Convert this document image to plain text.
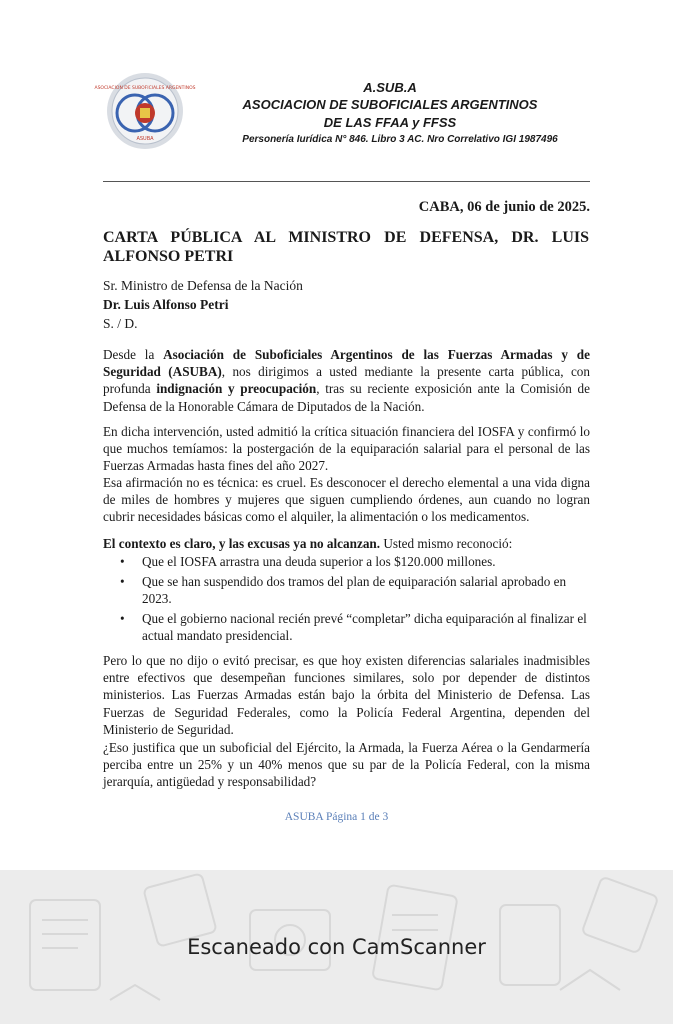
ASOCIACION DE SUBOFICIALES ARGENTINOS
ASUBA
A.SUB.A
ASOCIACION DE SUBOFICIALES ARGENTINOS
DE LAS FFAA y FFSS
Personería Iurídica N° 846. Libro 3 AC. Nro Correlativo IGI 1987496
CABA, 06 de junio de 2025.
CARTA PÚBLICA AL MINISTRO DE DEFENSA, DR. LUIS ALFONSO PETRI
Sr. Ministro de Defensa de la Nación
Dr. Luis Alfonso Petri
S. / D.
Desde la Asociación de Suboficiales Argentinos de las Fuerzas Armadas y de Seguridad (ASUBA), nos dirigimos a usted mediante la presente carta pública, con profunda indignación y preocupación, tras su reciente exposición ante la Comisión de Defensa de la Honorable Cámara de Diputados de la Nación.
En dicha intervención, usted admitió la crítica situación financiera del IOSFA y confirmó lo que muchos temíamos: la postergación de la equiparación salarial para el personal de las Fuerzas Armadas hasta fines del año 2027.
Esa afirmación no es técnica: es cruel. Es desconocer el derecho elemental a una vida digna de miles de hombres y mujeres que siguen cumpliendo órdenes, aun cuando no logran cubrir necesidades básicas como el alquiler, la alimentación o los medicamentos.
El contexto es claro, y las excusas ya no alcanzan. Usted mismo reconoció:
• Que el IOSFA arrastra una deuda superior a los $120.000 millones.
• Que se han suspendido dos tramos del plan de equiparación salarial aprobado en 2023.
• Que el gobierno nacional recién prevé “completar” dicha equiparación al finalizar el actual mandato presidencial.
Pero lo que no dijo o evitó precisar, es que hoy existen diferencias salariales inadmisibles entre efectivos que desempeñan funciones similares, solo por depender de distintos ministerios. Las Fuerzas Armadas están bajo la órbita del Ministerio de Defensa. Las Fuerzas de Seguridad Federales, como la Policía Federal Argentina, dependen del Ministerio de Seguridad.
¿Eso justifica que un suboficial del Ejército, la Armada, la Fuerza Aérea o la Gendarmería perciba entre un 25% y un 40% menos que su par de la Policía Federal, con la misma jerarquía, antigüedad y responsabilidad?
ASUBA Página 1 de 3
Escaneado con CamScanner
